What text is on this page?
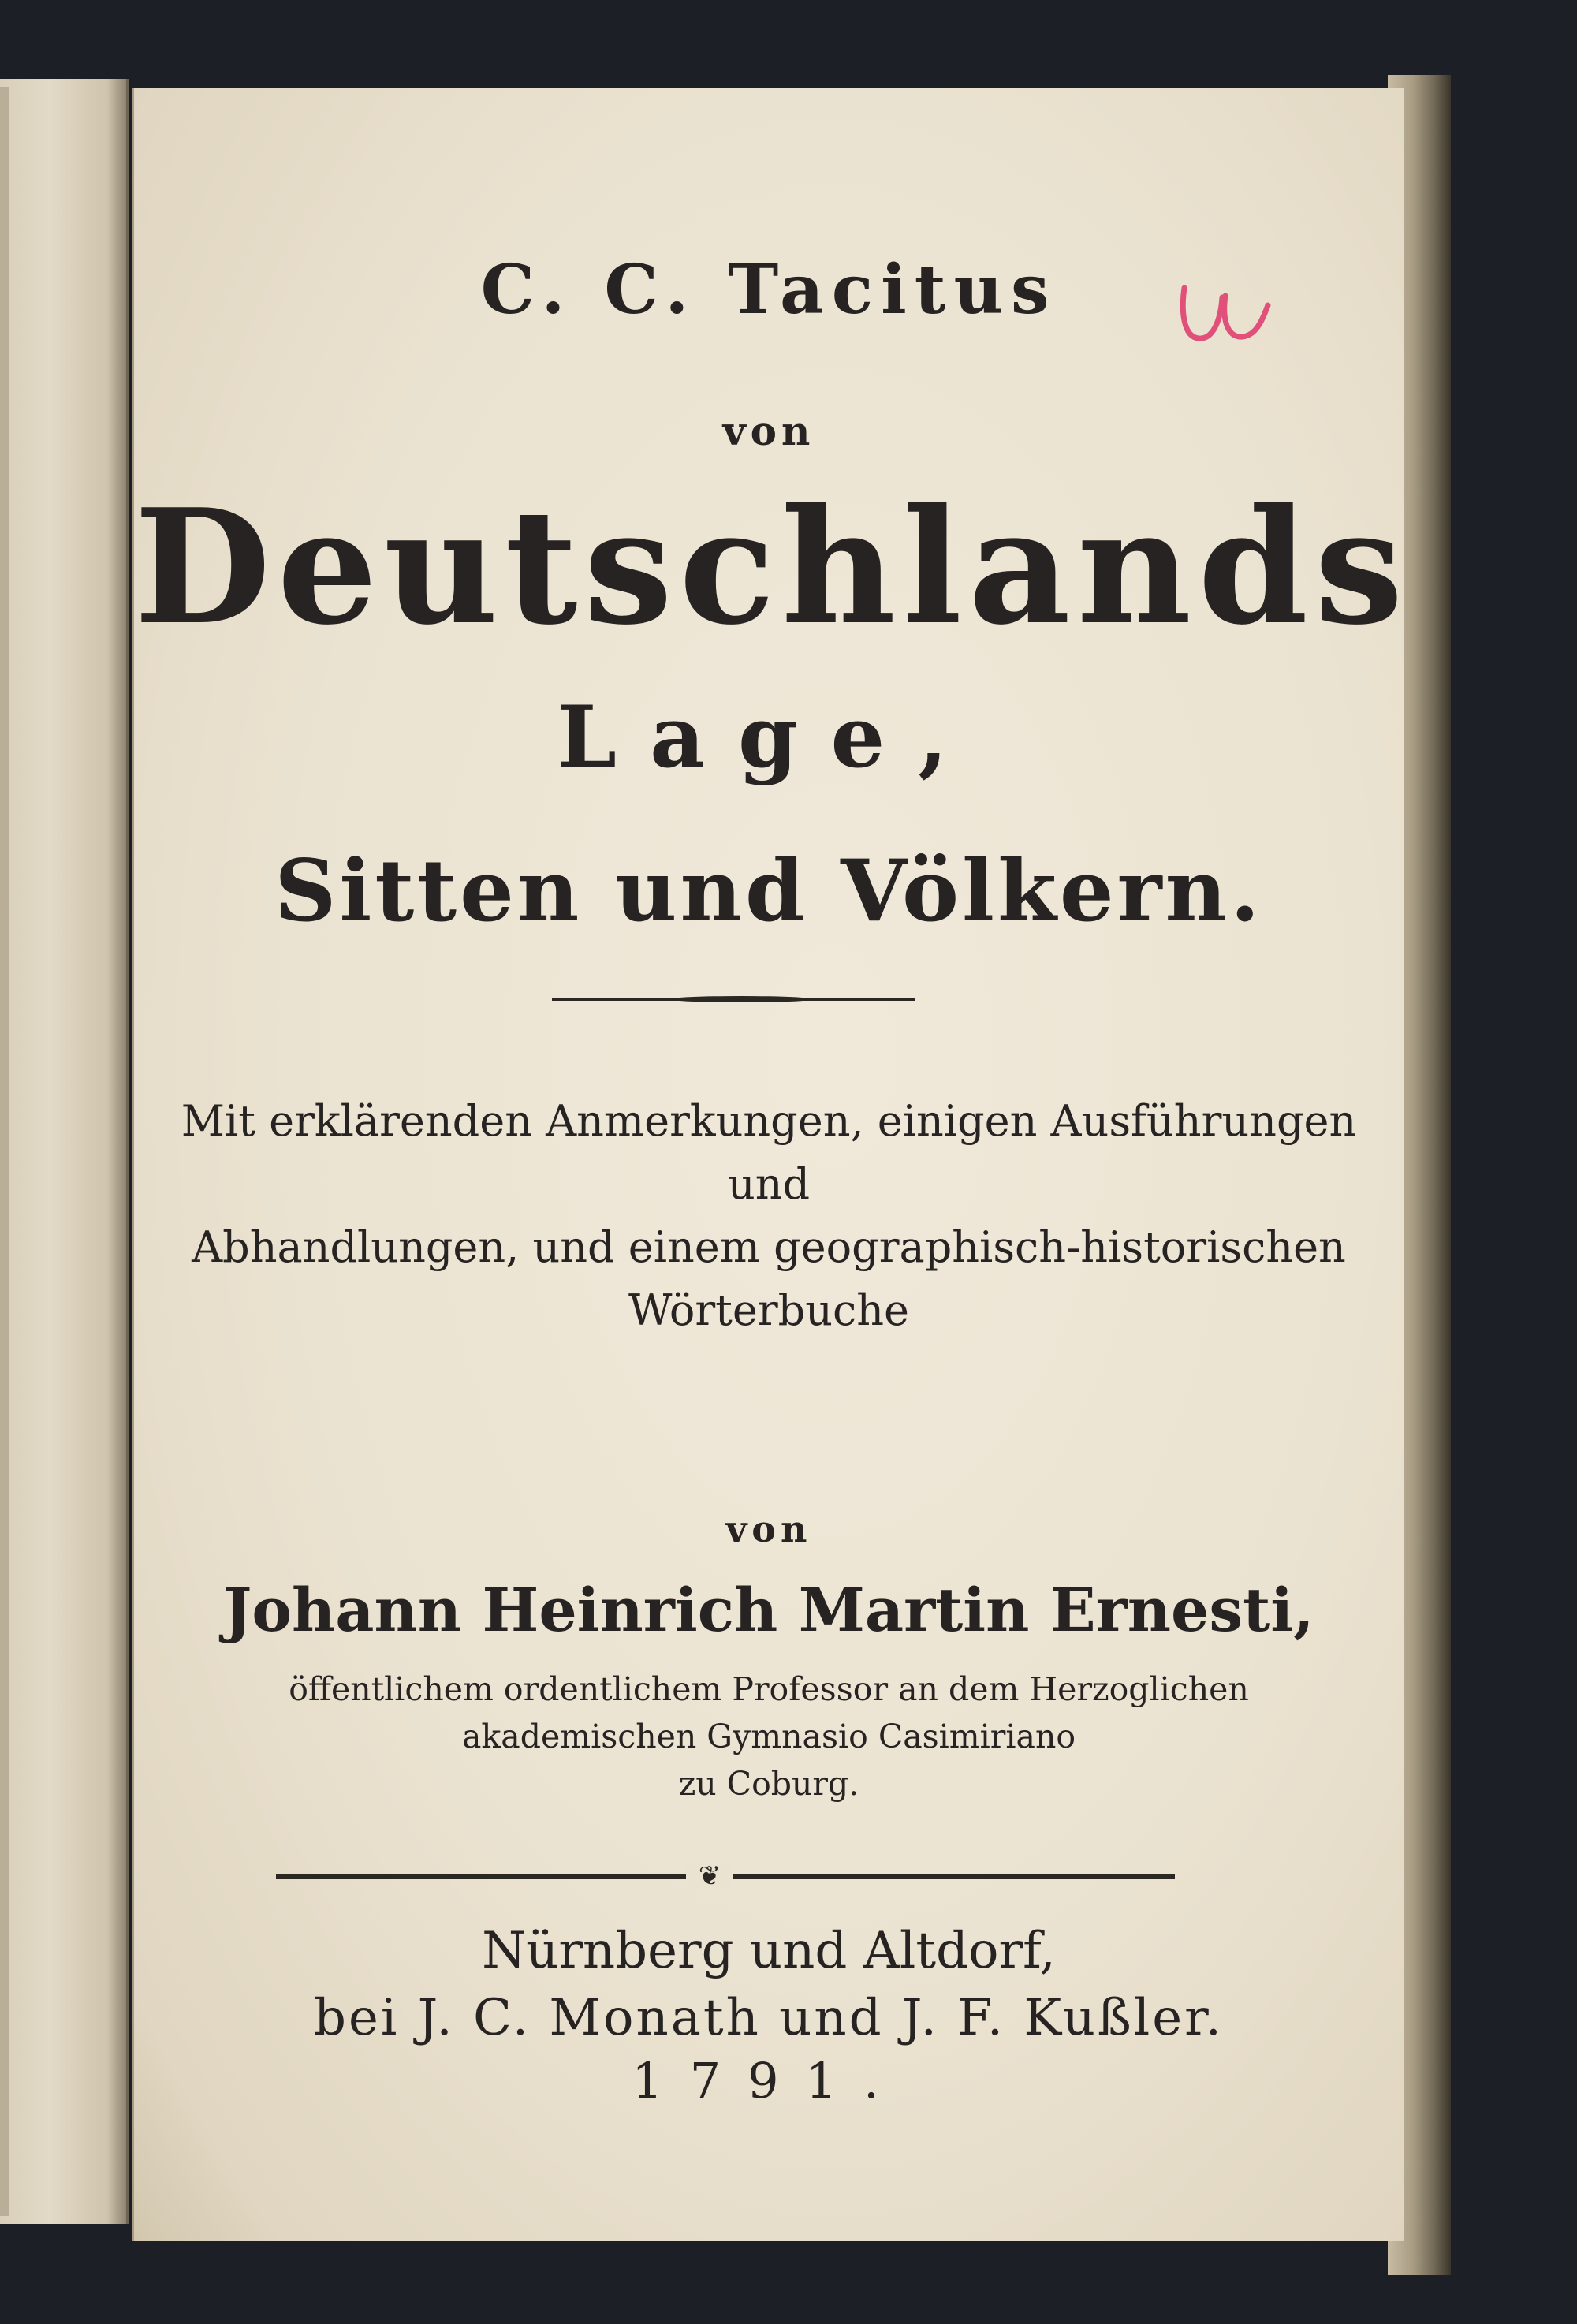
C. C. Tacitus
von
Deutschlands
Lage,
Sitten und Völkern.
Mit erklärenden Anmerkungen, einigen Ausführungen und
Abhandlungen, und einem geographisch-historischen
Wörterbuche
von
Johann Heinrich Martin Ernesti,
öffentlichem ordentlichem Professor an dem Herzoglichen
akademischen Gymnasio Casimiriano
zu Coburg.
❦
Nürnberg und Altdorf,
bei J. C. Monath und J. F. Kußler.
1791.
